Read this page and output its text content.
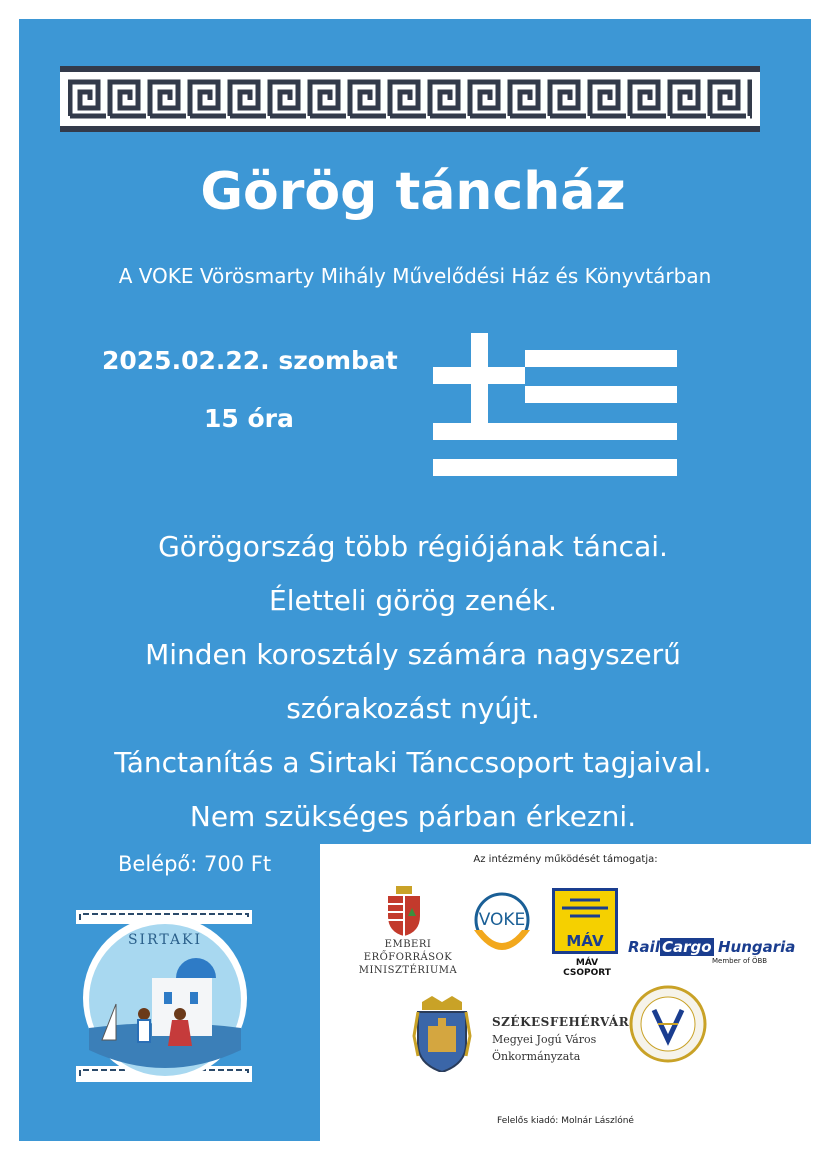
Görög táncház
A VOKE Vörösmarty Mihály Művelődési Ház és Könyvtárban
2025.02.22. szombat
15 óra
Görögország több régiójának táncai.
Életteli görög zenék.
Minden korosztály számára nagyszerű
szórakozást nyújt.
Tánctanítás a Sirtaki Tánccsoport tagjaival.
Nem szükséges párban érkezni.
Belépő: 700 Ft
SIRTAKI
Az intézmény működését támogatja:
EMBERI ERŐFORRÁSOK
MINISZTÉRIUMA
VOKE
MÁV
MÁV CSOPORT
Rail Cargo Hungaria
Member of ÖBB
SZÉKESFEHÉRVÁR
Megyei Jogú Város
Önkormányzata
Felelős kiadó: Molnár Lászlóné
